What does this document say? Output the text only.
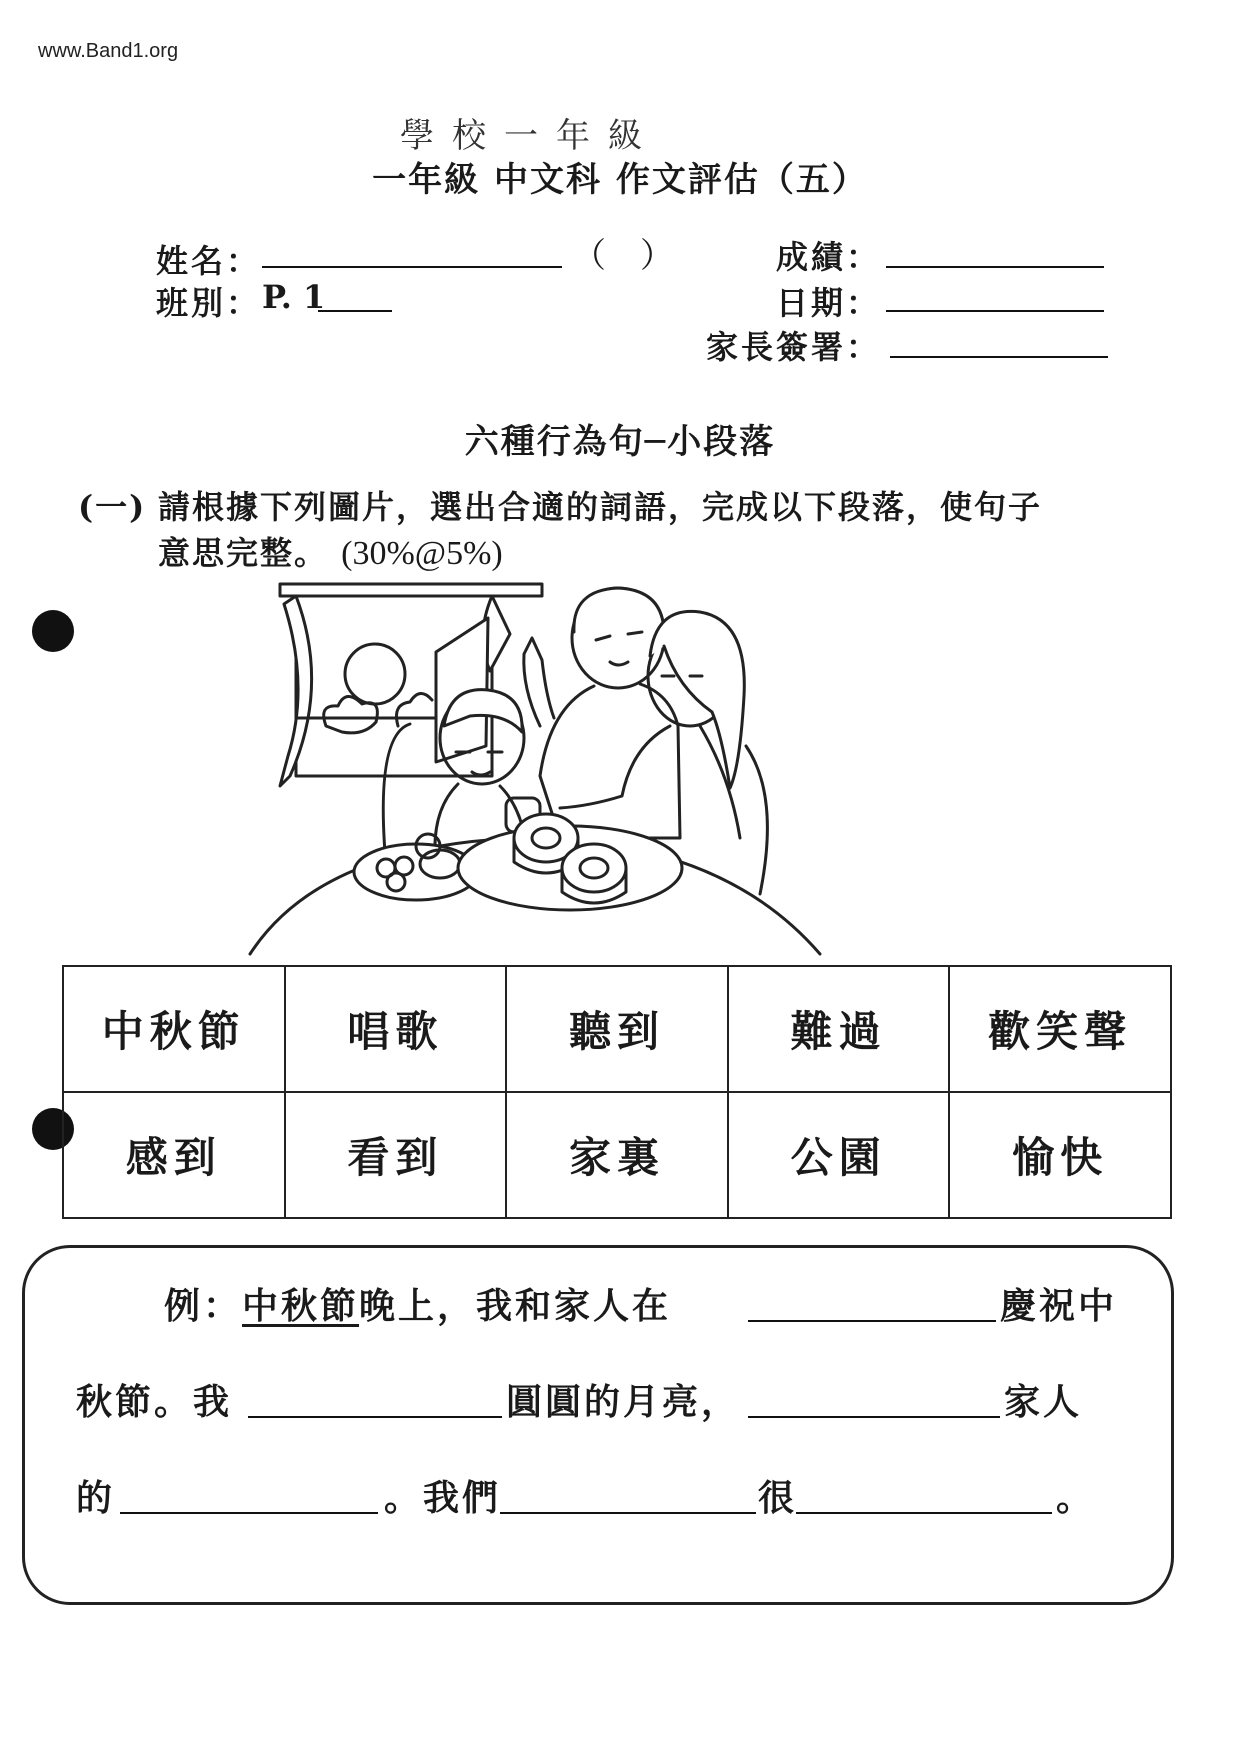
www.Band1.org
學校一年級
一年級 中文科 作文評估（五）
姓名：	（　）
班別： P. 1
成績：
日期：
家長簽署：
六種行為句─小段落
(一) 請根據下列圖片，選出合適的詞語，完成以下段落，使句子
意思完整。 (30%@5%)
中秋節	唱歌	聽到	難過	歡笑聲
感到	看到	家裏	公園	愉快
例：中秋節晚上，我和家人在	慶祝中
秋節。我	圓圓的月亮，	家人
的	。我們	很	。
